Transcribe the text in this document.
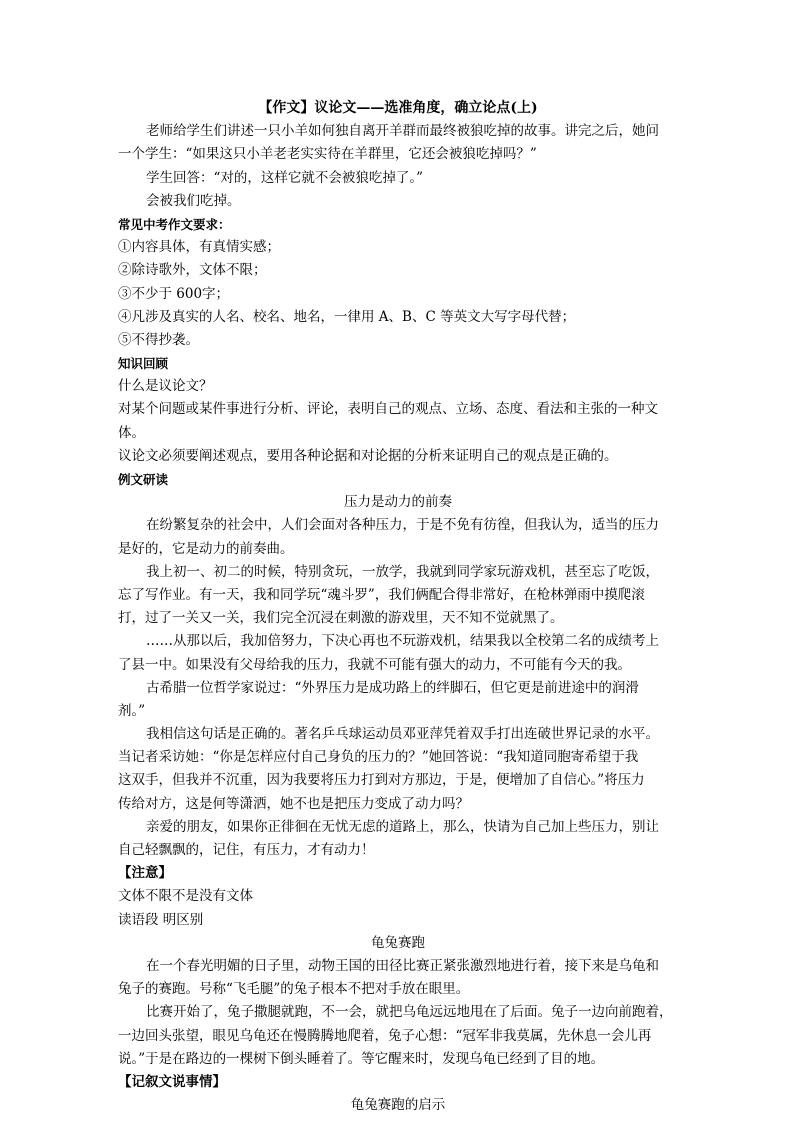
【作文】议论文——选准角度，确立论点(上)
老师给学生们讲述一只小羊如何独自离开羊群而最终被狼吃掉的故事。讲完之后，她问
一个学生：“如果这只小羊老老实实待在羊群里，它还会被狼吃掉吗？”
学生回答：“对的，这样它就不会被狼吃掉了。”
会被我们吃掉。
常见中考作文要求：
①内容具体，有真情实感；
②除诗歌外，文体不限；
③不少于 600字；
④凡涉及真实的人名、校名、地名，一律用 A、B、C 等英文大写字母代替；
⑤不得抄袭。
知识回顾
什么是议论文？
对某个问题或某件事进行分析、评论，表明自己的观点、立场、态度、看法和主张的一种文
体。
议论文必须要阐述观点，要用各种论据和对论据的分析来证明自己的观点是正确的。
例文研读
压力是动力的前奏
在纷繁复杂的社会中，人们会面对各种压力，于是不免有彷徨，但我认为，适当的压力
是好的，它是动力的前奏曲。
我上初一、初二的时候，特别贪玩，一放学，我就到同学家玩游戏机，甚至忘了吃饭，
忘了写作业。有一天，我和同学玩“魂斗罗”，我们俩配合得非常好，在枪林弹雨中摸爬滚
打，过了一关又一关，我们完全沉浸在刺激的游戏里，天不知不觉就黑了。
……从那以后，我加倍努力，下决心再也不玩游戏机，结果我以全校第二名的成绩考上
了县一中。如果没有父母给我的压力，我就不可能有强大的动力，不可能有今天的我。
古希腊一位哲学家说过：“外界压力是成功路上的绊脚石，但它更是前进途中的润滑
剂。”
我相信这句话是正确的。著名乒乓球运动员邓亚萍凭着双手打出连破世界记录的水平。
当记者采访她：“你是怎样应付自己身负的压力的？”她回答说：“我知道同胞寄希望于我
这双手，但我并不沉重，因为我要将压力打到对方那边，于是，便增加了自信心。”将压力
传给对方，这是何等潇洒，她不也是把压力变成了动力吗？
亲爱的朋友，如果你正徘徊在无忧无虑的道路上，那么，快请为自己加上些压力，别让
自己轻飘飘的，记住，有压力，才有动力！
【注意】
文体不限不是没有文体
读语段 明区别
龟兔赛跑
在一个春光明媚的日子里，动物王国的田径比赛正紧张激烈地进行着，接下来是乌龟和
兔子的赛跑。号称“飞毛腿”的兔子根本不把对手放在眼里。
比赛开始了，兔子撒腿就跑，不一会，就把乌龟远远地甩在了后面。兔子一边向前跑着，
一边回头张望，眼见乌龟还在慢腾腾地爬着，兔子心想：“冠军非我莫属，先休息一会儿再
说。”于是在路边的一棵树下倒头睡着了。等它醒来时，发现乌龟已经到了目的地。
【记叙文说事情】
龟兔赛跑的启示
